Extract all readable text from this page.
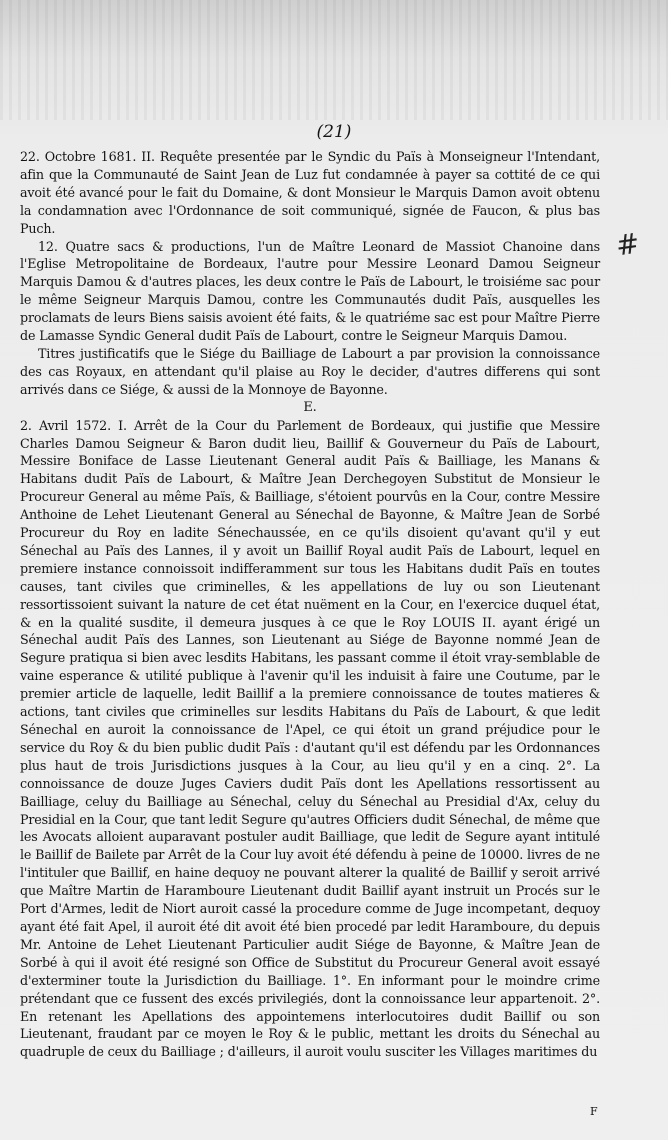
(21)
#

22. Octobre 1681. II. Requête presentée par le Syndic du Païs à Monseigneur l'Intendant, afin que la Communauté de Saint Jean de Luz fut condamnée à payer sa cottité de ce qui avoit été avancé pour le fait du Domaine, & dont Monsieur le Marquis Damon avoit obtenu la condamnation avec l'Ordonnance de soit communiqué, signée de Faucon, & plus bas Puch.

12. Quatre sacs & productions, l'un de Maître Leonard de Massiot Chanoine dans l'Eglise Metropolitaine de Bordeaux, l'autre pour Messire Leonard Damou Seigneur Marquis Damou & d'autres places, les deux contre le Païs de Labourt, le troisiéme sac pour le même Seigneur Marquis Damou, contre les Communautés dudit Païs, ausquelles les proclamats de leurs Biens saisis avoient été faits, & le quatriéme sac est pour Maître Pierre de Lamasse Syndic General dudit Païs de Labourt, contre le Seigneur Marquis Damou.

Titres justificatifs que le Siége du Bailliage de Labourt a par provision la connoissance des cas Royaux, en attendant qu'il plaise au Roy le decider, d'autres differens qui sont arrivés dans ce Siége, & aussi de la Monnoye de Bayonne.

E.

2. Avril 1572. I. Arrêt de la Cour du Parlement de Bordeaux, qui justifie que Messire Charles Damou Seigneur & Baron dudit lieu, Baillif & Gouverneur du Païs de Labourt, Messire Boniface de Lasse Lieutenant General audit Païs & Bailliage, les Manans & Habitans dudit Païs de Labourt, & Maître Jean Derchegoyen Substitut de Monsieur le Procureur General au même Païs, & Bailliage, s'étoient pourvûs en la Cour, contre Messire Anthoine de Lehet Lieutenant General au Sénechal de Bayonne, & Maître Jean de Sorbé Procureur du Roy en ladite Sénechaussée, en ce qu'ils disoient qu'avant qu'il y eut Sénechal au Païs des Lannes, il y avoit un Baillif Royal audit Païs de Labourt, lequel en premiere instance connoissoit indifferamment sur tous les Habitans dudit Païs en toutes causes, tant civiles que criminelles, & les appellations de luy ou son Lieutenant ressortissoient suivant la nature de cet état nuëment en la Cour, en l'exercice duquel état, & en la qualité susdite, il demeura jusques à ce que le Roy LOUIS II. ayant érigé un Sénechal audit Païs des Lannes, son Lieutenant au Siége de Bayonne nommé Jean de Segure pratiqua si bien avec lesdits Habitans, les passant comme il étoit vray-semblable de vaine esperance & utilité publique à l'avenir qu'il les induisit à faire une Coutume, par le premier article de laquelle, ledit Baillif a la premiere connoissance de toutes matieres & actions, tant civiles que criminelles sur lesdits Habitans du Païs de Labourt, & que ledit Sénechal en auroit la connoissance de l'Apel, ce qui étoit un grand préjudice pour le service du Roy & du bien public dudit Païs : d'autant qu'il est défendu par les Ordonnances plus haut de trois Jurisdictions jusques à la Cour, au lieu qu'il y en a cinq. 2°. La connoissance de douze Juges Caviers dudit Païs dont les Apellations ressortissent au Bailliage, celuy du Bailliage au Sénechal, celuy du Sénechal au Presidial d'Ax, celuy du Presidial en la Cour, que tant ledit Segure qu'autres Officiers dudit Sénechal, de même que les Avocats alloient auparavant postuler audit Bailliage, que ledit de Segure ayant intitulé le Baillif de Bailete par Arrêt de la Cour luy avoit été défendu à peine de 10000. livres de ne l'intituler que Baillif, en haine dequoy ne pouvant alterer la qualité de Baillif y seroit arrivé que Maître Martin de Haramboure Lieutenant dudit Baillif ayant instruit un Procés sur le Port d'Armes, ledit de Niort auroit cassé la procedure comme de Juge incompetant, dequoy ayant été fait Apel, il auroit été dit avoit été bien procedé par ledit Haramboure, du depuis Mr. Antoine de Lehet Lieutenant Particulier audit Siége de Bayonne, & Maître Jean de Sorbé à qui il avoit été resigné son Office de Substitut du Procureur General avoit essayé d'exterminer toute la Jurisdiction du Bailliage. 1°. En informant pour le moindre crime prétendant que ce fussent des excés privilegiés, dont la connoissance leur appartenoit. 2°. En retenant les Apellations des appointemens interlocutoires dudit Baillif ou son Lieutenant, fraudant par ce moyen le Roy & le public, mettant les droits du Sénechal au quadruple de ceux du Bailliage ; d'ailleurs, il auroit voulu susciter les Villages maritimes du

F
